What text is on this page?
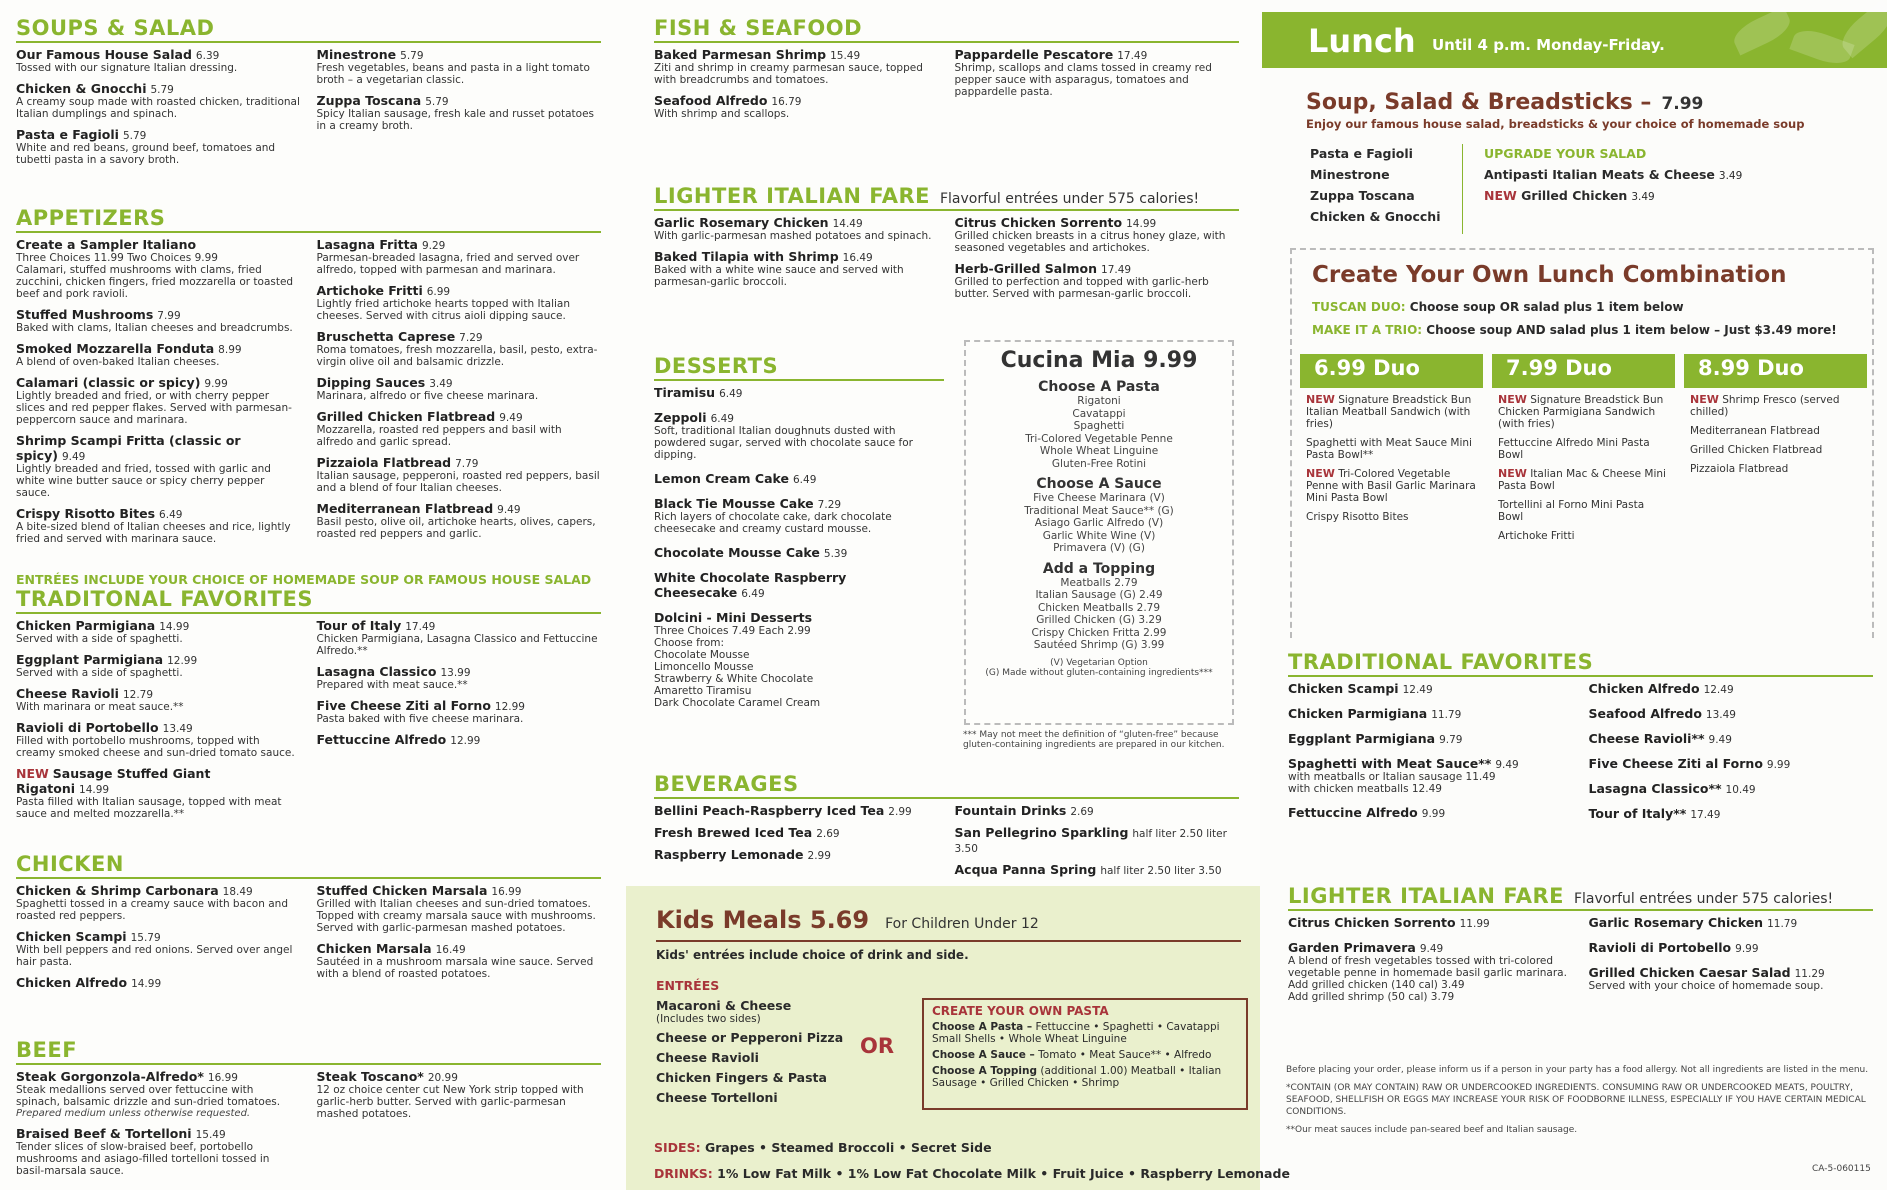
SOUPS & SALAD
Our Famous House Salad 6.39
Tossed with our signature Italian dressing.
Chicken & Gnocchi 5.79
A creamy soup made with roasted chicken, traditional Italian dumplings and spinach.
Pasta e Fagioli 5.79
White and red beans, ground beef, tomatoes and tubetti pasta in a savory broth.
Minestrone 5.79
Fresh vegetables, beans and pasta in a light tomato broth – a vegetarian classic.
Zuppa Toscana 5.79
Spicy Italian sausage, fresh kale and russet potatoes in a creamy broth.
APPETIZERS
Create a Sampler Italiano
Three Choices 11.99 Two Choices 9.99
Calamari, stuffed mushrooms with clams, fried zucchini, chicken fingers, fried mozzarella or toasted beef and pork ravioli.
Stuffed Mushrooms 7.99
Baked with clams, Italian cheeses and breadcrumbs.
Smoked Mozzarella Fonduta 8.99
A blend of oven-baked Italian cheeses.
Calamari (classic or spicy) 9.99
Lightly breaded and fried, or with cherry pepper slices and red pepper flakes. Served with parmesan-peppercorn sauce and marinara.
Shrimp Scampi Fritta (classic or spicy) 9.49
Lightly breaded and fried, tossed with garlic and white wine butter sauce or spicy cherry pepper sauce.
Crispy Risotto Bites 6.49
A bite-sized blend of Italian cheeses and rice, lightly fried and served with marinara sauce.
Lasagna Fritta 9.29
Parmesan-breaded lasagna, fried and served over alfredo, topped with parmesan and marinara.
Artichoke Fritti 6.99
Lightly fried artichoke hearts topped with Italian cheeses. Served with citrus aioli dipping sauce.
Bruschetta Caprese 7.29
Roma tomatoes, fresh mozzarella, basil, pesto, extra-virgin olive oil and balsamic drizzle.
Dipping Sauces 3.49
Marinara, alfredo or five cheese marinara.
Grilled Chicken Flatbread 9.49
Mozzarella, roasted red peppers and basil with alfredo and garlic spread.
Pizzaiola Flatbread 7.79
Italian sausage, pepperoni, roasted red peppers, basil and a blend of four Italian cheeses.
Mediterranean Flatbread 9.49
Basil pesto, olive oil, artichoke hearts, olives, capers, roasted red peppers and garlic.
ENTRÉES INCLUDE YOUR CHOICE OF HOMEMADE SOUP OR FAMOUS HOUSE SALAD
TRADITONAL FAVORITES
Chicken Parmigiana 14.99
Served with a side of spaghetti.
Eggplant Parmigiana 12.99
Served with a side of spaghetti.
Cheese Ravioli 12.79
With marinara or meat sauce.**
Ravioli di Portobello 13.49
Filled with portobello mushrooms, topped with creamy smoked cheese and sun-dried tomato sauce.
NEW Sausage Stuffed Giant Rigatoni 14.99
Pasta filled with Italian sausage, topped with meat sauce and melted mozzarella.**
Tour of Italy 17.49
Chicken Parmigiana, Lasagna Classico and Fettuccine Alfredo.**
Lasagna Classico 13.99
Prepared with meat sauce.**
Five Cheese Ziti al Forno 12.99
Pasta baked with five cheese marinara.
Fettuccine Alfredo 12.99
CHICKEN
Chicken & Shrimp Carbonara 18.49
Spaghetti tossed in a creamy sauce with bacon and roasted red peppers.
Chicken Scampi 15.79
With bell peppers and red onions. Served over angel hair pasta.
Chicken Alfredo 14.99
Stuffed Chicken Marsala 16.99
Grilled with Italian cheeses and sun-dried tomatoes. Topped with creamy marsala sauce with mushrooms. Served with garlic-parmesan mashed potatoes.
Chicken Marsala 16.49
Sautéed in a mushroom marsala wine sauce. Served with a blend of roasted potatoes.
BEEF
Steak Gorgonzola-Alfredo* 16.99
Steak medallions served over fettuccine with spinach, balsamic drizzle and sun-dried tomatoes.
Prepared medium unless otherwise requested.
Braised Beef & Tortelloni 15.49
Tender slices of slow-braised beef, portobello mushrooms and asiago-filled tortelloni tossed in basil-marsala sauce.
Steak Toscano* 20.99
12 oz choice center cut New York strip topped with garlic-herb butter. Served with garlic-parmesan mashed potatoes.
FISH & SEAFOOD
Baked Parmesan Shrimp 15.49
Ziti and shrimp in creamy parmesan sauce, topped with breadcrumbs and tomatoes.
Seafood Alfredo 16.79
With shrimp and scallops.
Pappardelle Pescatore 17.49
Shrimp, scallops and clams tossed in creamy red pepper sauce with asparagus, tomatoes and pappardelle pasta.
LIGHTER ITALIAN FARE Flavorful entrées under 575 calories!
Garlic Rosemary Chicken 14.49
With garlic-parmesan mashed potatoes and spinach.
Baked Tilapia with Shrimp 16.49
Baked with a white wine sauce and served with parmesan-garlic broccoli.
Citrus Chicken Sorrento 14.99
Grilled chicken breasts in a citrus honey glaze, with seasoned vegetables and artichokes.
Herb-Grilled Salmon 17.49
Grilled to perfection and topped with garlic-herb butter. Served with parmesan-garlic broccoli.
DESSERTS
Tiramisu 6.49
Zeppoli 6.49
Soft, traditional Italian doughnuts dusted with powdered sugar, served with chocolate sauce for dipping.
Lemon Cream Cake 6.49
Black Tie Mousse Cake 7.29
Rich layers of chocolate cake, dark chocolate cheesecake and creamy custard mousse.
Chocolate Mousse Cake 5.39
White Chocolate Raspberry Cheesecake 6.49
Dolcini - Mini Desserts
Three Choices 7.49 Each 2.99
Choose from:
Chocolate Mousse
Limoncello Mousse
Strawberry & White Chocolate
Amaretto Tiramisu
Dark Chocolate Caramel Cream
Cucina Mia 9.99
Choose A Pasta
Rigatoni
Cavatappi
Spaghetti
Tri-Colored Vegetable Penne
Whole Wheat Linguine
Gluten-Free Rotini
Choose A Sauce
Five Cheese Marinara (V)
Traditional Meat Sauce** (G)
Asiago Garlic Alfredo (V)
Garlic White Wine (V)
Primavera (V) (G)
Add a Topping
Meatballs 2.79
Italian Sausage (G) 2.49
Chicken Meatballs 2.79
Grilled Chicken (G) 3.29
Crispy Chicken Fritta 2.99
Sautéed Shrimp (G) 3.99
(V) Vegetarian Option
(G) Made without gluten-containing ingredients***
*** May not meet the definition of “gluten-free” because gluten-containing ingredients are prepared in our kitchen.
BEVERAGES
Bellini Peach-Raspberry Iced Tea 2.99
Fresh Brewed Iced Tea 2.69
Raspberry Lemonade 2.99
Fountain Drinks 2.69
San Pellegrino Sparkling half liter 2.50 liter 3.50
Acqua Panna Spring half liter 2.50 liter 3.50
Kids Meals 5.69 For Children Under 12
Kids' entrées include choice of drink and side.
ENTRÉES
Macaroni & Cheese
(Includes two sides)
Cheese or Pepperoni Pizza
Cheese Ravioli
Chicken Fingers & Pasta
Cheese Tortelloni
OR
CREATE YOUR OWN PASTA
Choose A Pasta – Fettuccine • Spaghetti • Cavatappi Small Shells • Whole Wheat Linguine
Choose A Sauce – Tomato • Meat Sauce** • Alfredo
Choose A Topping (additional 1.00) Meatball • Italian Sausage • Grilled Chicken • Shrimp
SIDES: Grapes • Steamed Broccoli • Secret Side
DRINKS: 1% Low Fat Milk • 1% Low Fat Chocolate Milk • Fruit Juice • Raspberry Lemonade
Lunch Until 4 p.m. Monday-Friday.
Soup, Salad & Breadsticks – 7.99
Enjoy our famous house salad, breadsticks & your choice of homemade soup
Pasta e Fagioli
Minestrone
Zuppa Toscana
Chicken & Gnocchi
UPGRADE YOUR SALAD
Antipasti Italian Meats & Cheese 3.49
NEW Grilled Chicken 3.49
Create Your Own Lunch Combination
TUSCAN DUO: Choose soup OR salad plus 1 item below
MAKE IT A TRIO: Choose soup AND salad plus 1 item below – Just $3.49 more!
6.99 Duo
NEW Signature Breadstick Bun Italian Meatball Sandwich (with fries)
Spaghetti with Meat Sauce Mini Pasta Bowl**
NEW Tri-Colored Vegetable Penne with Basil Garlic Marinara Mini Pasta Bowl
Crispy Risotto Bites
7.99 Duo
NEW Signature Breadstick Bun Chicken Parmigiana Sandwich (with fries)
Fettuccine Alfredo Mini Pasta Bowl
NEW Italian Mac & Cheese Mini Pasta Bowl
Tortellini al Forno Mini Pasta Bowl
Artichoke Fritti
8.99 Duo
NEW Shrimp Fresco (served chilled)
Mediterranean Flatbread
Grilled Chicken Flatbread
Pizzaiola Flatbread
TRADITIONAL FAVORITES
Chicken Scampi 12.49
Chicken Parmigiana 11.79
Eggplant Parmigiana 9.79
Spaghetti with Meat Sauce** 9.49
with meatballs or Italian sausage 11.49
with chicken meatballs 12.49
Fettuccine Alfredo 9.99
Chicken Alfredo 12.49
Seafood Alfredo 13.49
Cheese Ravioli** 9.49
Five Cheese Ziti al Forno 9.99
Lasagna Classico** 10.49
Tour of Italy** 17.49
LIGHTER ITALIAN FARE Flavorful entrées under 575 calories!
Citrus Chicken Sorrento 11.99
Garden Primavera 9.49
A blend of fresh vegetables tossed with tri-colored vegetable penne in homemade basil garlic marinara.
Add grilled chicken (140 cal) 3.49
Add grilled shrimp (50 cal) 3.79
Garlic Rosemary Chicken 11.79
Ravioli di Portobello 9.99
Grilled Chicken Caesar Salad 11.29
Served with your choice of homemade soup.

Before placing your order, please inform us if a person in your party has a food allergy. Not all ingredients are listed in the menu.

*CONTAIN (OR MAY CONTAIN) RAW OR UNDERCOOKED INGREDIENTS. CONSUMING RAW OR UNDERCOOKED MEATS, POULTRY, SEAFOOD, SHELLFISH OR EGGS MAY INCREASE YOUR RISK OF FOODBORNE ILLNESS, ESPECIALLY IF YOU HAVE CERTAIN MEDICAL CONDITIONS.

**Our meat sauces include pan-seared beef and Italian sausage.

CA-5-060115
